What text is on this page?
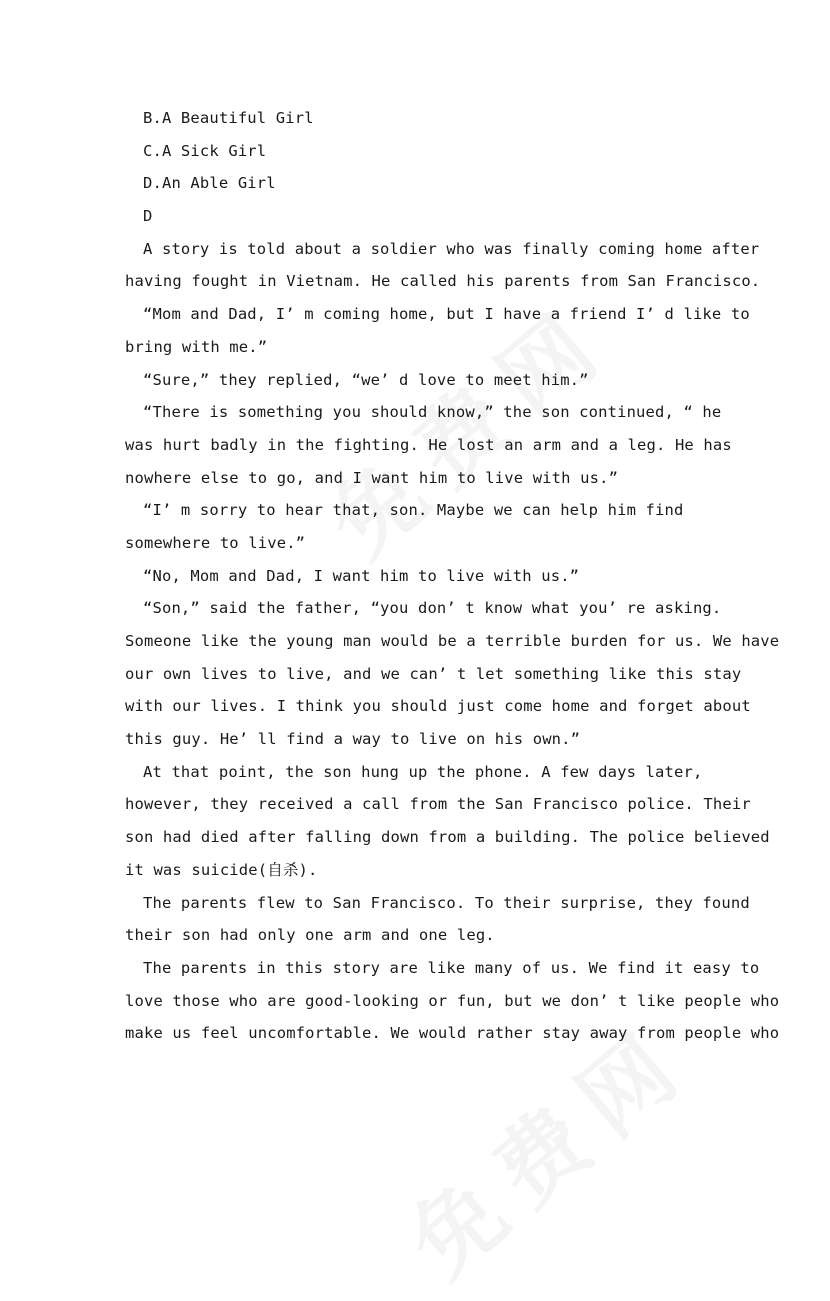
B.A Beautiful Girl
C.A Sick Girl
D.An Able Girl
D
A story is told about a soldier who was finally coming home after
having fought in Vietnam. He called his parents from San Francisco.
“Mom and Dad, I’ m coming home, but I have a friend I’ d like to
bring with me.”
“Sure,” they replied, “we’ d love to meet him.”
“There is something you should know,” the son continued, “ he
was hurt badly in the fighting. He lost an arm and a leg. He has
nowhere else to go, and I want him to live with us.”
“I’ m sorry to hear that, son. Maybe we can help him find
somewhere to live.”
“No, Mom and Dad, I want him to live with us.”
“Son,” said the father, “you don’ t know what you’ re asking.
Someone like the young man would be a terrible burden for us. We have
our own lives to live, and we can’ t let something like this stay
with our lives. I think you should just come home and forget about
this guy. He’ ll find a way to live on his own.”
At that point, the son hung up the phone. A few days later,
however, they received a call from the San Francisco police. Their
son had died after falling down from a building. The police believed
it was suicide(自杀).
The parents flew to San Francisco. To their surprise, they found
their son had only one arm and one leg.
The parents in this story are like many of us. We find it easy to
love those who are good-looking or fun, but we don’ t like people who
make us feel uncomfortable. We would rather stay away from people who
